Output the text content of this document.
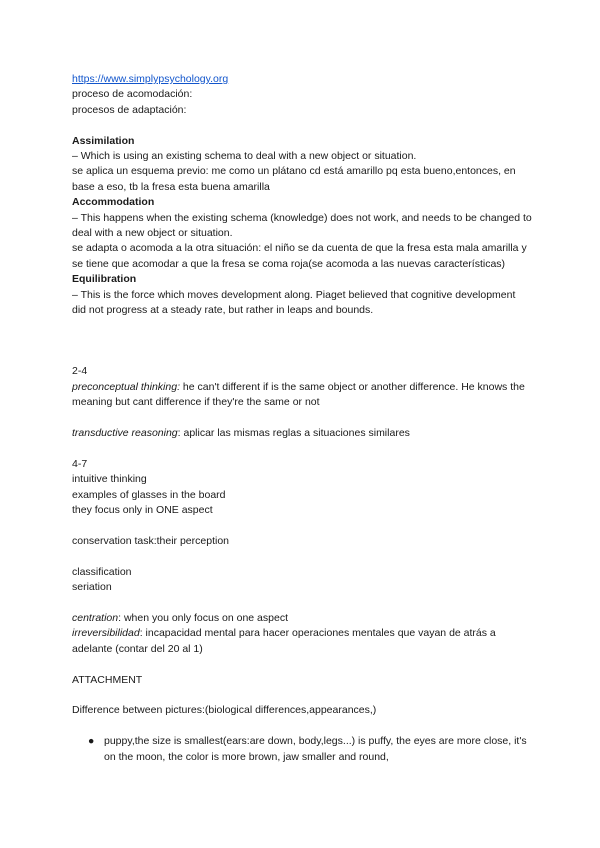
https://www.simplypsychology.org
proceso de acomodación:
procesos de adaptación:
Assimilation
– Which is using an existing schema to deal with a new object or situation.
se aplica un esquema previo: me como un plátano cd está amarillo pq esta bueno,entonces, en base a eso, tb la fresa esta buena amarilla
Accommodation
– This happens when the existing schema (knowledge) does not work, and needs to be changed to deal with a new object or situation.
se adapta o acomoda a la otra situación: el niño se da cuenta de que la fresa esta mala amarilla y se tiene que acomodar a que la fresa se coma roja(se acomoda a las nuevas características)
Equilibration
– This is the force which moves development along. Piaget believed that cognitive development did not progress at a steady rate, but rather in leaps and bounds.
2-4
preconceptual thinking: he can't different if is the same object or another difference. He knows the meaning but cant difference if they're the same or not
transductive reasoning: aplicar las mismas reglas a situaciones similares
4-7
intuitive thinking
examples of glasses in the board
they focus only in ONE aspect
conservation task:their perception
classification
seriation
centration: when you only focus on one aspect
irreversibilidad: incapacidad mental para hacer operaciones mentales que vayan de atrás a adelante (contar del 20 al 1)
ATTACHMENT
Difference between pictures:(biological differences,appearances,)
● puppy,the size is smallest(ears:are down, body,legs...) is puffy, the eyes are more close, it's on the moon, the color is more brown, jaw smaller and round,
